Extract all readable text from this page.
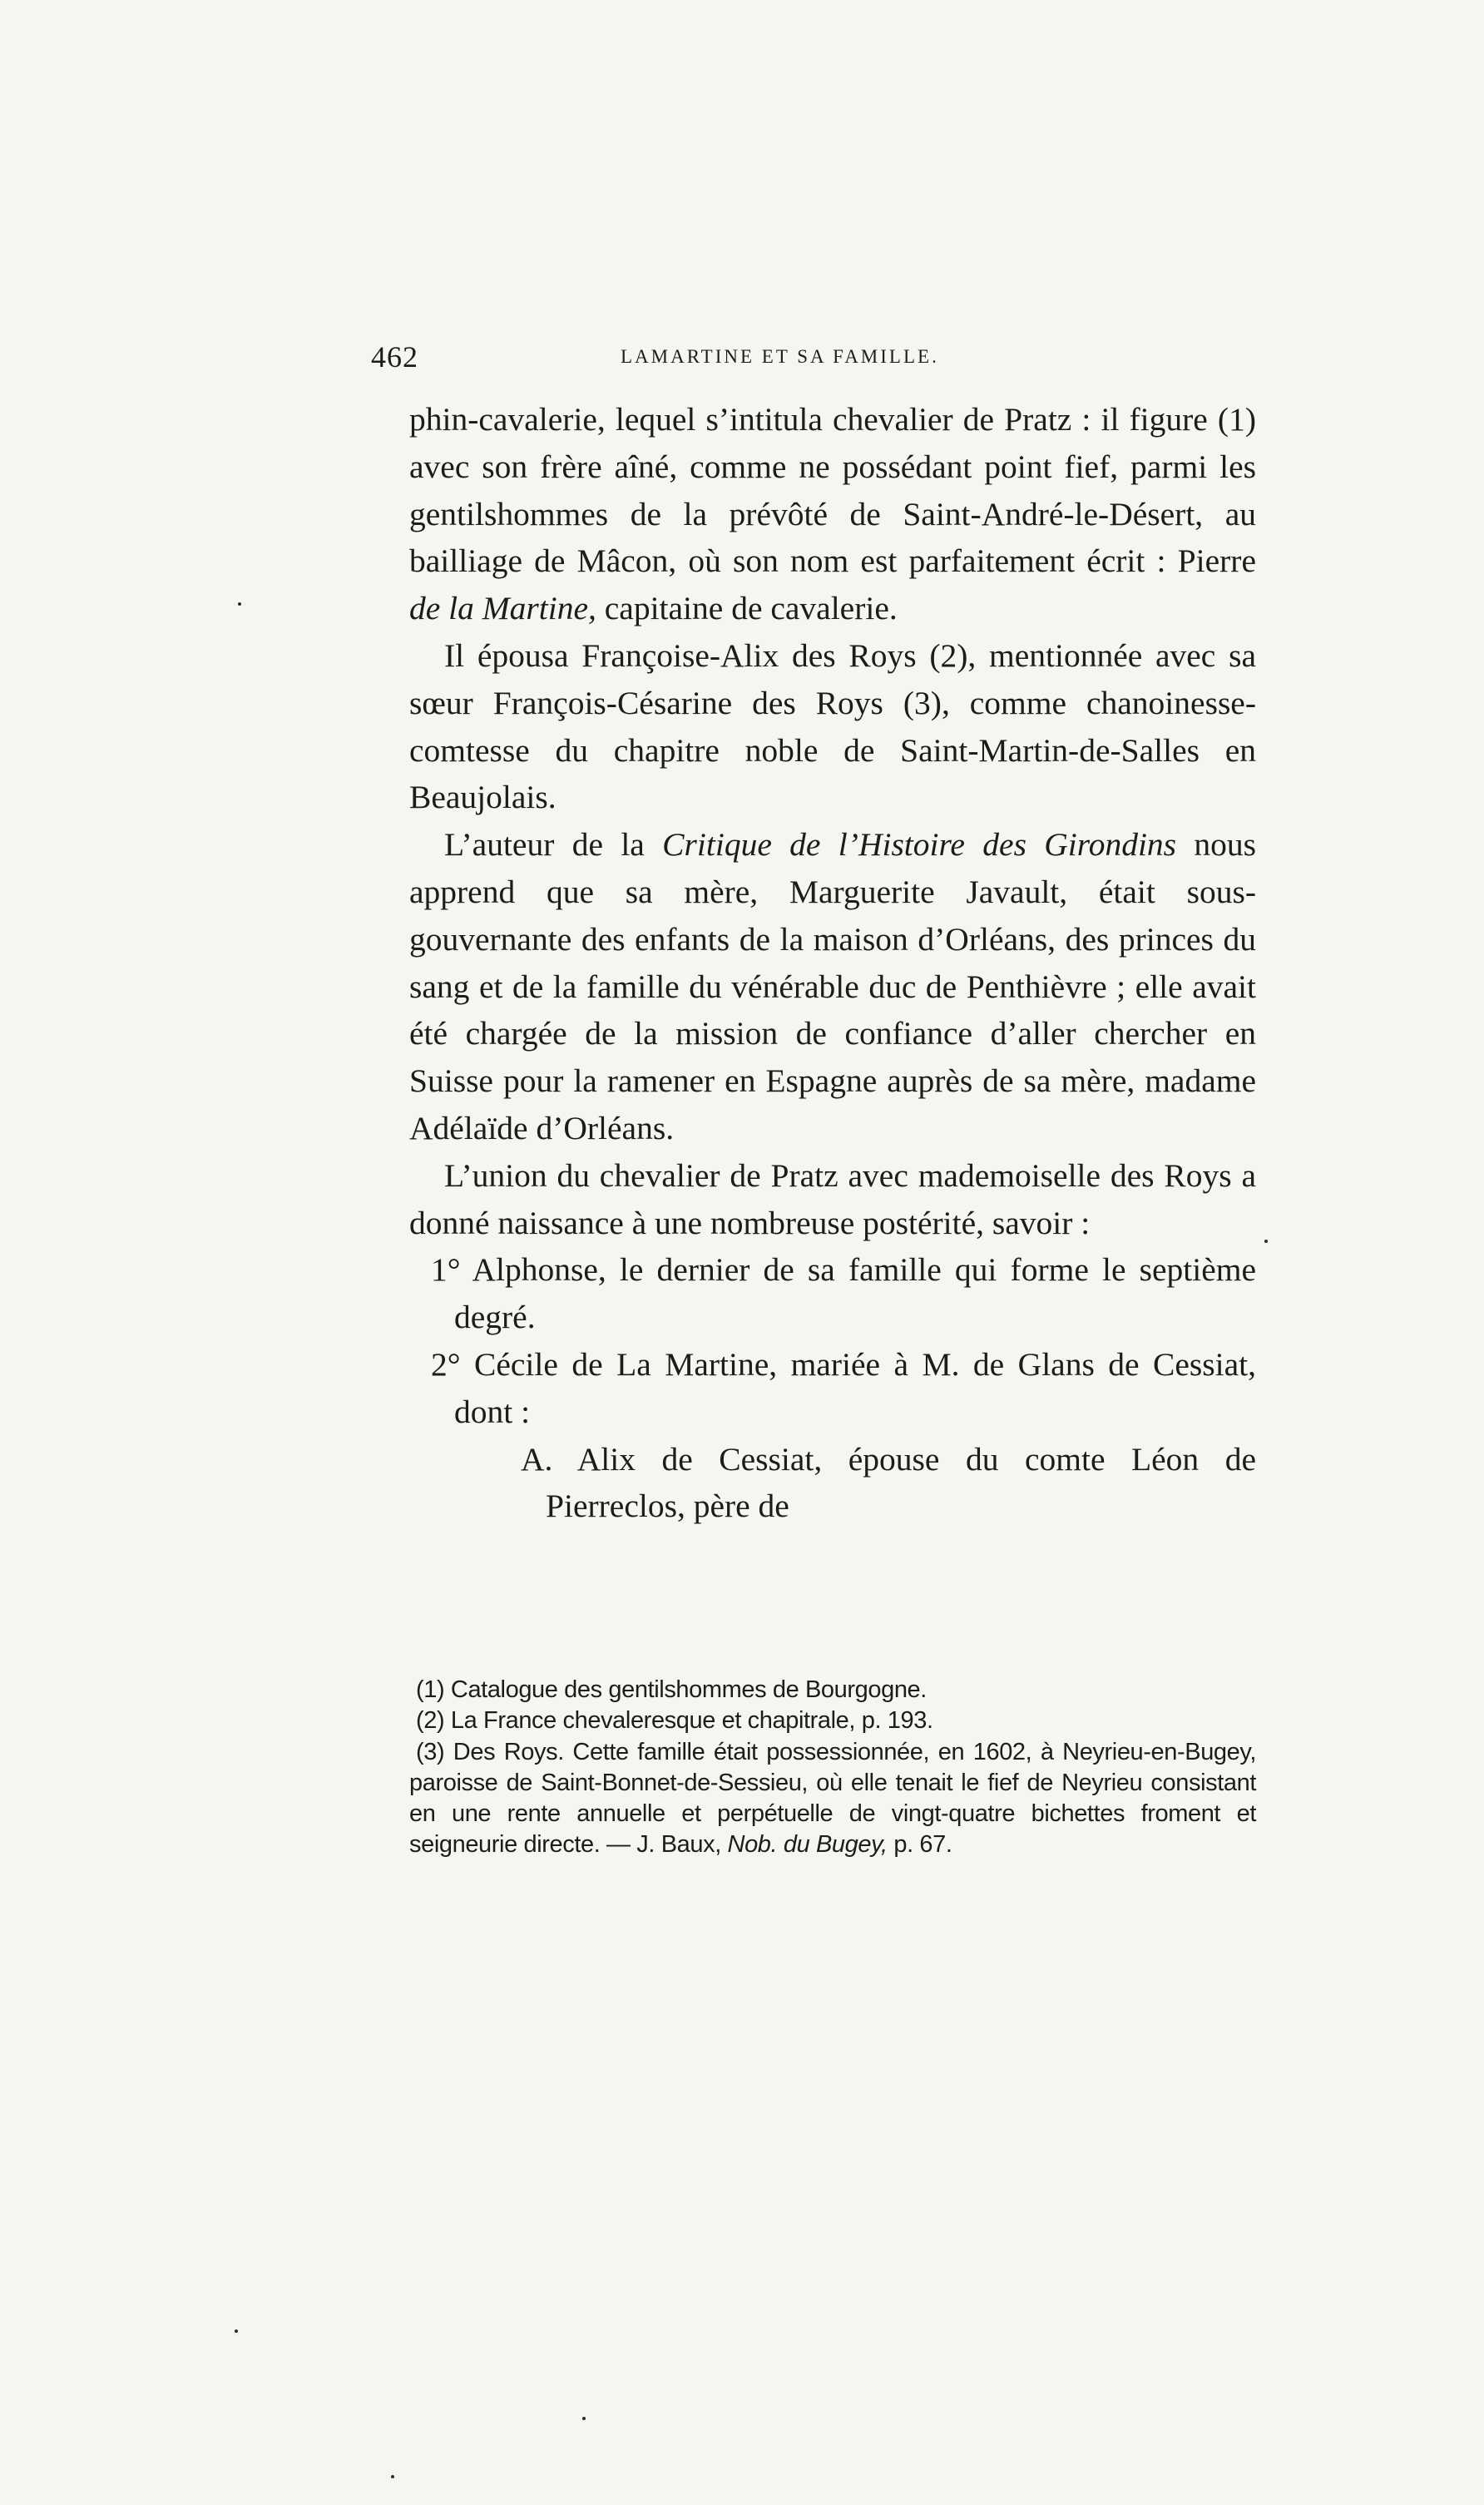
462	LAMARTINE ET SA FAMILLE.

phin-cavalerie, lequel s’intitula chevalier de Pratz : il figure (1) avec son frère aîné, comme ne possédant point fief, parmi les gentilshommes de la prévôté de Saint-André-le-Désert, au bailliage de Mâcon, où son nom est parfaitement écrit : Pierre de la Martine, capitaine de cavalerie.

Il épousa Françoise-Alix des Roys (2), mentionnée avec sa sœur François-Césarine des Roys (3), comme chanoinesse-comtesse du chapitre noble de Saint-Martin-de-Salles en Beaujolais.

L’auteur de la Critique de l’Histoire des Girondins nous apprend que sa mère, Marguerite Javault, était sous-gouvernante des enfants de la maison d’Orléans, des princes du sang et de la famille du vénérable duc de Penthièvre ; elle avait été chargée de la mission de confiance d’aller chercher en Suisse pour la ramener en Espagne auprès de sa mère, madame Adélaïde d’Orléans.

L’union du chevalier de Pratz avec mademoiselle des Roys a donné naissance à une nombreuse postérité, savoir :

1° Alphonse, le dernier de sa famille qui forme le septième degré.

2° Cécile de La Martine, mariée à M. de Glans de Cessiat, dont :

A. Alix de Cessiat, épouse du comte Léon de Pierreclos, père de

(1) Catalogue des gentilshommes de Bourgogne.

(2) La France chevaleresque et chapitrale, p. 193.

(3) Des Roys. Cette famille était possessionnée, en 1602, à Neyrieu-en-Bugey, paroisse de Saint-Bonnet-de-Sessieu, où elle tenait le fief de Neyrieu consistant en une rente annuelle et perpétuelle de vingt-quatre bichettes froment et seigneurie directe. — J. Baux, Nob. du Bugey, p. 67.
